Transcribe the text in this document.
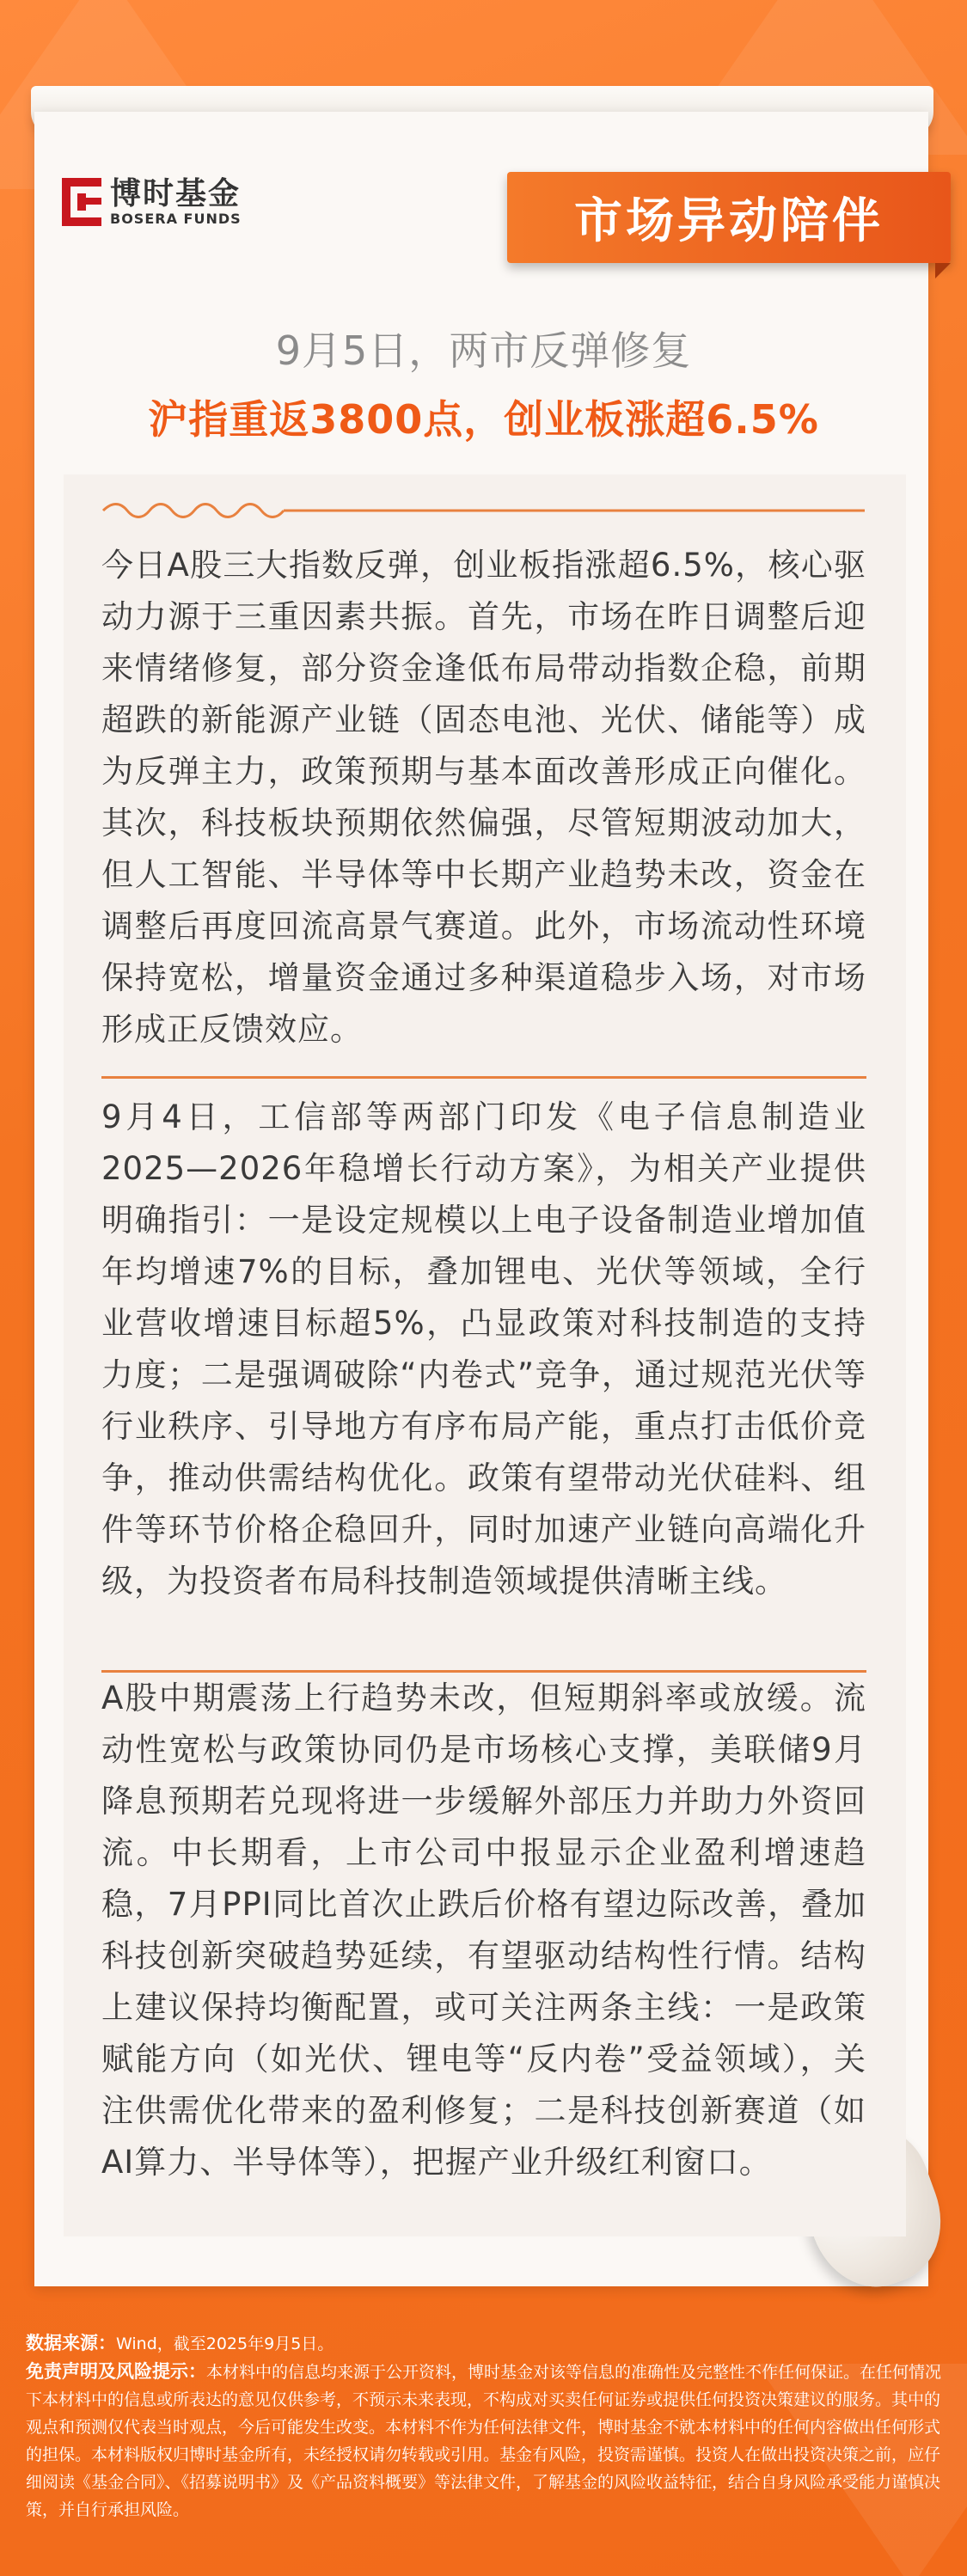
博时基金
BOSERA FUNDS	市场异动陪伴
9月5日，两市反弹修复
沪指重返3800点，创业板涨超6.5%
今日A股三大指数反弹，创业板指涨超6.5%，核心驱动力源于三重因素共振。首先，市场在昨日调整后迎来情绪修复，部分资金逢低布局带动指数企稳，前期超跌的新能源产业链（固态电池、光伏、储能等）成为反弹主力，政策预期与基本面改善形成正向催化。其次，科技板块预期依然偏强，尽管短期波动加大，但人工智能、半导体等中长期产业趋势未改，资金在调整后再度回流高景气赛道。此外，市场流动性环境保持宽松，增量资金通过多种渠道稳步入场，对市场形成正反馈效应。
9月4日，工信部等两部门印发《电子信息制造业2025—2026年稳增长行动方案》，为相关产业提供明确指引：一是设定规模以上电子设备制造业增加值年均增速7%的目标，叠加锂电、光伏等领域，全行业营收增速目标超5%，凸显政策对科技制造的支持力度；二是强调破除“内卷式”竞争，通过规范光伏等行业秩序、引导地方有序布局产能，重点打击低价竞争，推动供需结构优化。政策有望带动光伏硅料、组件等环节价格企稳回升，同时加速产业链向高端化升级，为投资者布局科技制造领域提供清晰主线。
A股中期震荡上行趋势未改，但短期斜率或放缓。流动性宽松与政策协同仍是市场核心支撑，美联储9月降息预期若兑现将进一步缓解外部压力并助力外资回流。中长期看，上市公司中报显示企业盈利增速趋稳，7月PPI同比首次止跌后价格有望边际改善，叠加科技创新突破趋势延续，有望驱动结构性行情。结构上建议保持均衡配置，或可关注两条主线：一是政策赋能方向（如光伏、锂电等“反内卷”受益领域），关注供需优化带来的盈利修复；二是科技创新赛道（如AI算力、半导体等），把握产业升级红利窗口。
数据来源：Wind，截至2025年9月5日。
免责声明及风险提示：本材料中的信息均来源于公开资料，博时基金对该等信息的准确性及完整性不作任何保证。在任何情况下本材料中的信息或所表达的意见仅供参考，不预示未来表现，不构成对买卖任何证券或提供任何投资决策建议的服务。其中的观点和预测仅代表当时观点，今后可能发生改变。本材料不作为任何法律文件，博时基金不就本材料中的任何内容做出任何形式的担保。本材料版权归博时基金所有，未经授权请勿转载或引用。基金有风险，投资需谨慎。投资人在做出投资决策之前，应仔细阅读《基金合同》、《招募说明书》及《产品资料概要》等法律文件，了解基金的风险收益特征，结合自身风险承受能力谨慎决策，并自行承担风险。
